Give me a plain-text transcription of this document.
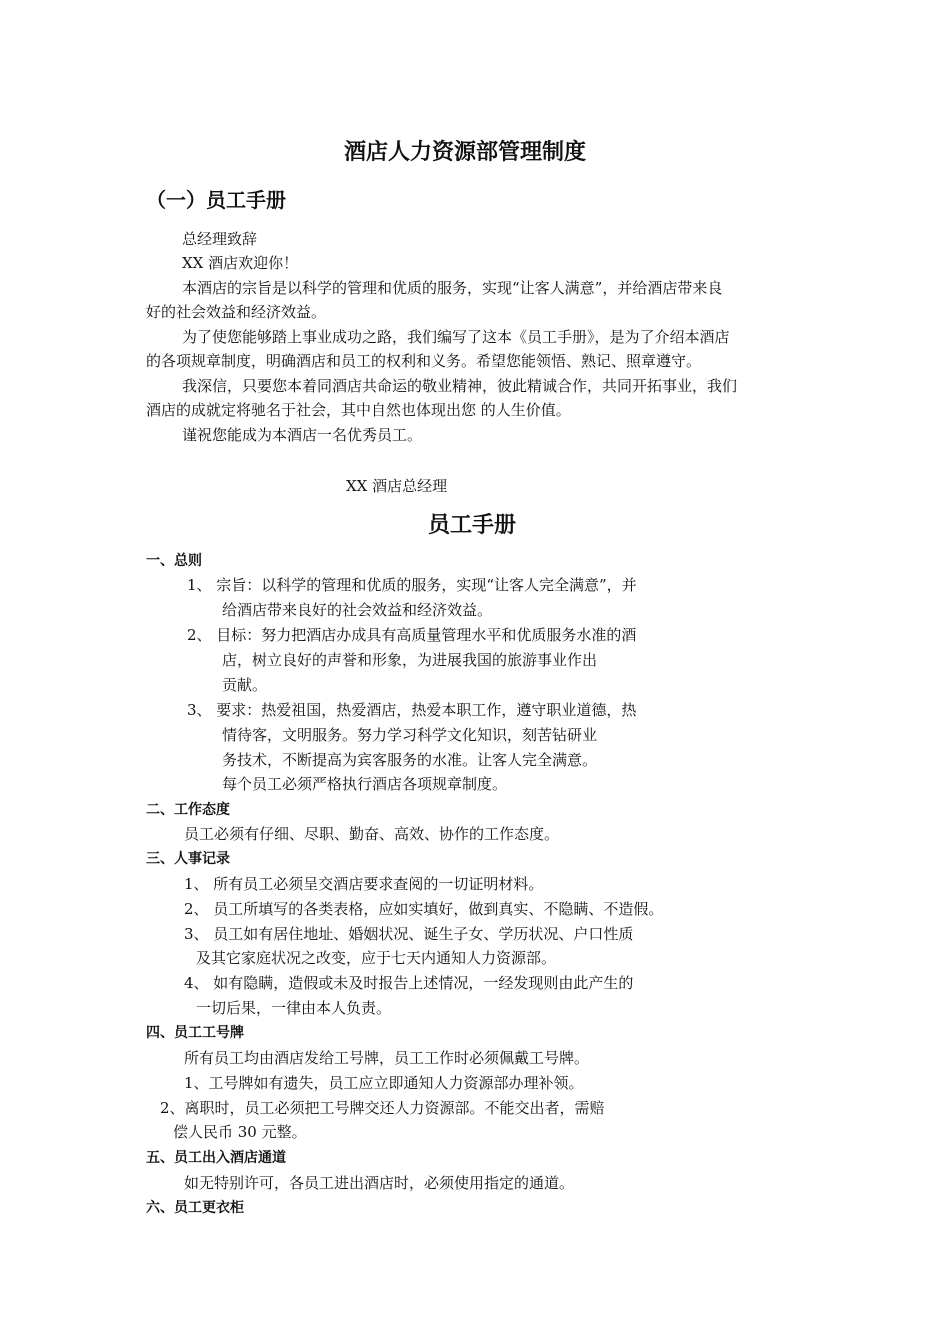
酒店人力资源部管理制度
（一）员工手册
总经理致辞
XX 酒店欢迎你！
本酒店的宗旨是以科学的管理和优质的服务，实现“让客人满意”，并给酒店带来良
好的社会效益和经济效益。
为了使您能够踏上事业成功之路，我们编写了这本《员工手册》，是为了介绍本酒店
的各项规章制度，明确酒店和员工的权利和义务。希望您能领悟、熟记、照章遵守。
我深信，只要您本着同酒店共命运的敬业精神，彼此精诚合作，共同开拓事业，我们
酒店的成就定将驰名于社会，其中自然也体现出您 的人生价值。
谨祝您能成为本酒店一名优秀员工。
XX 酒店总经理
员工手册
一、总则
1、 宗旨：以科学的管理和优质的服务，实现“让客人完全满意”，并
给酒店带来良好的社会效益和经济效益。
2、 目标：努力把酒店办成具有高质量管理水平和优质服务水准的酒
店，树立良好的声誉和形象，为进展我国的旅游事业作出
贡献。
3、 要求：热爱祖国，热爱酒店，热爱本职工作，遵守职业道德，热
情待客，文明服务。努力学习科学文化知识，刻苦钻研业
务技术，不断提高为宾客服务的水准。让客人完全满意。
每个员工必须严格执行酒店各项规章制度。
二、工作态度
员工必须有仔细、尽职、勤奋、高效、协作的工作态度。
三、人事记录
1、 所有员工必须呈交酒店要求查阅的一切证明材料。
2、 员工所填写的各类表格，应如实填好，做到真实、不隐瞒、不造假。
3、 员工如有居住地址、婚姻状况、诞生子女、学历状况、户口性质
及其它家庭状况之改变，应于七天内通知人力资源部。
4、 如有隐瞒，造假或未及时报告上述情况，一经发现则由此产生的
一切后果，一律由本人负责。
四、员工工号牌
所有员工均由酒店发给工号牌，员工工作时必须佩戴工号牌。
1、工号牌如有遗失，员工应立即通知人力资源部办理补领。
2、离职时，员工必须把工号牌交还人力资源部。不能交出者，需赔
偿人民币 30 元整。
五、员工出入酒店通道
如无特别许可，各员工进出酒店时，必须使用指定的通道。
六、员工更衣柜
